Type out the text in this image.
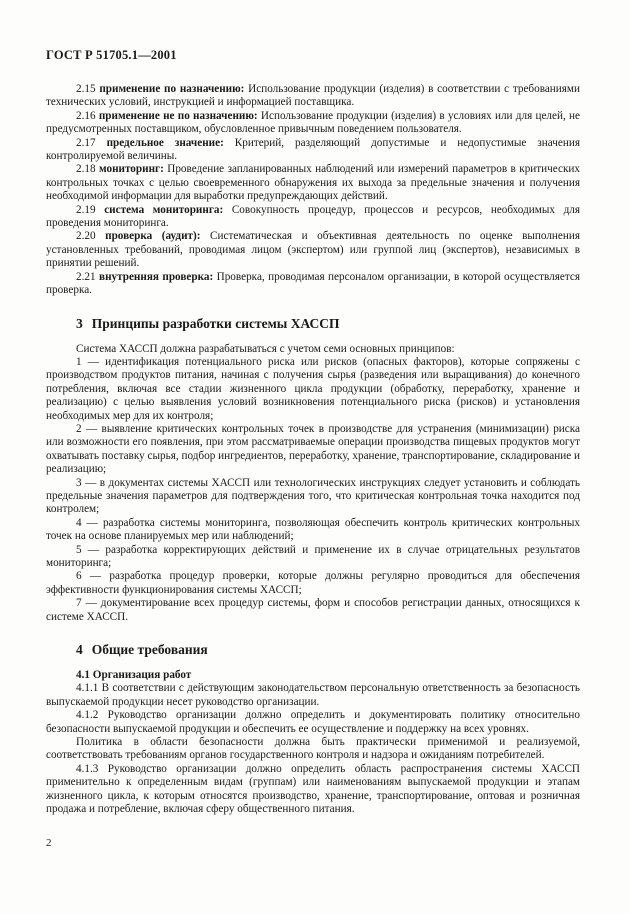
ГОСТ Р 51705.1—2001

2.15 применение по назначению: Использование продукции (изделия) в соответствии с требованиями технических условий, инструкцией и информацией поставщика.

2.16 применение не по назначению: Использование продукции (изделия) в условиях или для целей, не предусмотренных поставщиком, обусловленное привычным поведением пользователя.

2.17 предельное значение: Критерий, разделяющий допустимые и недопустимые значения контролируемой величины.

2.18 мониторинг: Проведение запланированных наблюдений или измерений параметров в критических контрольных точках с целью своевременного обнаружения их выхода за предельные значения и получения необходимой информации для выработки предупреждающих действий.

2.19 система мониторинга: Совокупность процедур, процессов и ресурсов, необходимых для проведения мониторинга.

2.20 проверка (аудит): Систематическая и объективная деятельность по оценке выполнения установленных требований, проводимая лицом (экспертом) или группой лиц (экспертов), независимых в принятии решений.

2.21 внутренняя проверка: Проверка, проводимая персоналом организации, в которой осуществляется проверка.

3 Принципы разработки системы ХАССП

Система ХАССП должна разрабатываться с учетом семи основных принципов:

1 — идентификация потенциального риска или рисков (опасных факторов), которые сопряжены с производством продуктов питания, начиная с получения сырья (разведения или выращивания) до конечного потребления, включая все стадии жизненного цикла продукции (обработку, переработку, хранение и реализацию) с целью выявления условий возникновения потенциального риска (рисков) и установления необходимых мер для их контроля;

2 — выявление критических контрольных точек в производстве для устранения (минимизации) риска или возможности его появления, при этом рассматриваемые операции производства пищевых продуктов могут охватывать поставку сырья, подбор ингредиентов, переработку, хранение, транспортирование, складирование и реализацию;

3 — в документах системы ХАССП или технологических инструкциях следует установить и соблюдать предельные значения параметров для подтверждения того, что критическая контрольная точка находится под контролем;

4 — разработка системы мониторинга, позволяющая обеспечить контроль критических контрольных точек на основе планируемых мер или наблюдений;

5 — разработка корректирующих действий и применение их в случае отрицательных результатов мониторинга;

6 — разработка процедур проверки, которые должны регулярно проводиться для обеспечения эффективности функционирования системы ХАССП;

7 — документирование всех процедур системы, форм и способов регистрации данных, относящихся к системе ХАССП.

4 Общие требования
4.1 Организация работ

4.1.1 В соответствии с действующим законодательством персональную ответственность за безопасность выпускаемой продукции несет руководство организации.

4.1.2 Руководство организации должно определить и документировать политику относительно безопасности выпускаемой продукции и обеспечить ее осуществление и поддержку на всех уровнях.

Политика в области безопасности должна быть практически применимой и реализуемой, соответствовать требованиям органов государственного контроля и надзора и ожиданиям потребителей.

4.1.3 Руководство организации должно определить область распространения системы ХАССП применительно к определенным видам (группам) или наименованиям выпускаемой продукции и этапам жизненного цикла, к которым относятся производство, хранение, транспортирование, оптовая и розничная продажа и потребление, включая сферу общественного питания.

2
